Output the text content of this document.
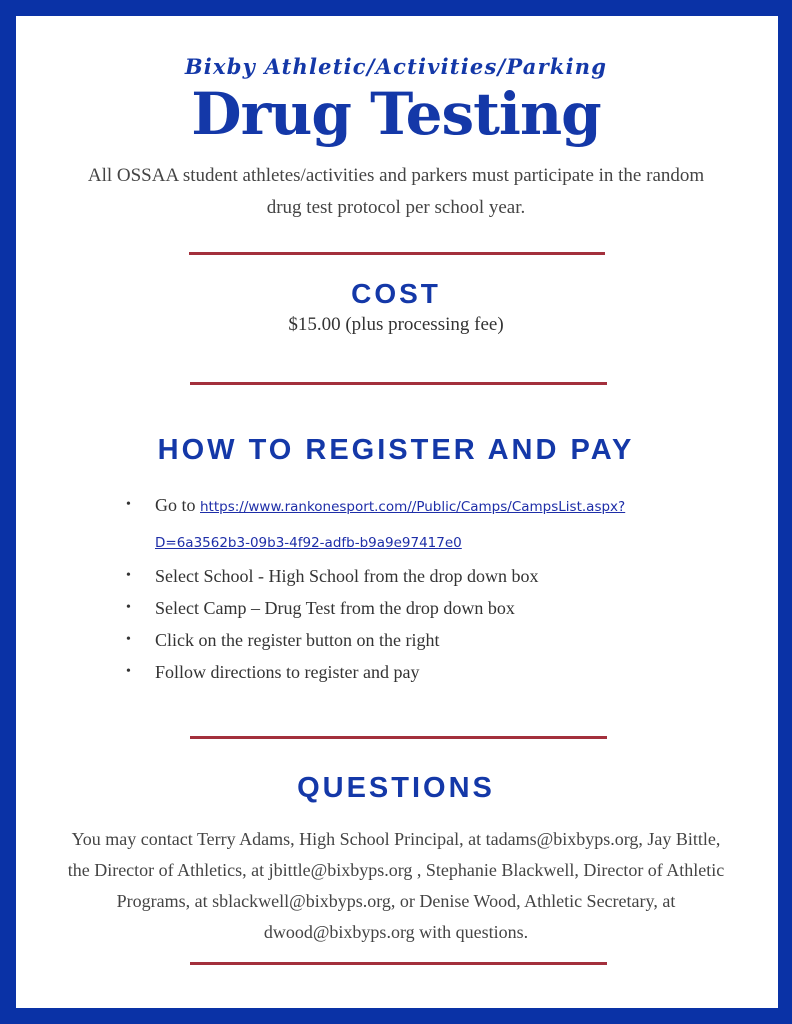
Bixby Athletic/Activities/Parking

Drug Testing

All OSSAA student athletes/activities and parkers must participate in the random drug test protocol per school year.

COST

$15.00 (plus processing fee)

HOW TO REGISTER AND PAY
• Go to https://www.rankonesport.com//Public/Camps/CampsList.aspx?
D=6a3562b3-09b3-4f92-adfb-b9a9e97417e0
• Select School - High School from the drop down box
• Select Camp – Drug Test from the drop down box
• Click on the register button on the right
• Follow directions to register and pay
QUESTIONS

You may contact Terry Adams, High School Principal, at tadams@bixbyps.org, Jay Bittle, the Director of Athletics, at jbittle@bixbyps.org , Stephanie Blackwell, Director of Athletic Programs, at sblackwell@bixbyps.org, or Denise Wood, Athletic Secretary, at dwood@bixbyps.org with questions.
